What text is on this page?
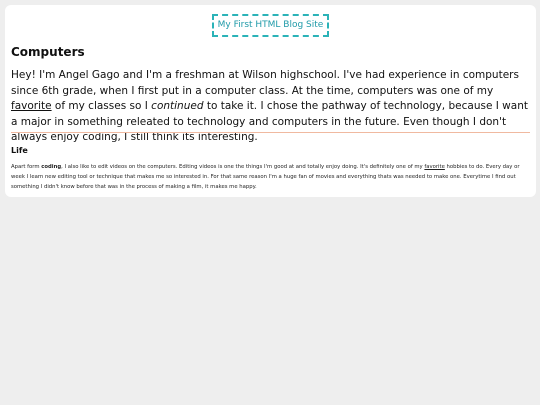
My First HTML Blog Site
Computers

Hey! I'm Angel Gago and I'm a freshman at Wilson highschool. I've had experience in computers since 6th grade, when I first put in a computer class. At the time, computers was one of my favorite of my classes so I continued to take it. I chose the pathway of technology, because I want a major in something releated to technology and computers in the future. Even though I don't always enjoy coding, I still think its interesting.

Life

Apart form coding, I also like to edit videos on the computers. Editing videos is one the things I'm good at and totally enjoy doing. It's definitely one of my favorite hobbies to do. Every day or week I learn new editing tool or technique that makes me so interested in. For that same reason I'm a huge fan of movies and everything thats was needed to make one. Everytime I find out something I didn't know before that was in the process of making a film, it makes me happy.
